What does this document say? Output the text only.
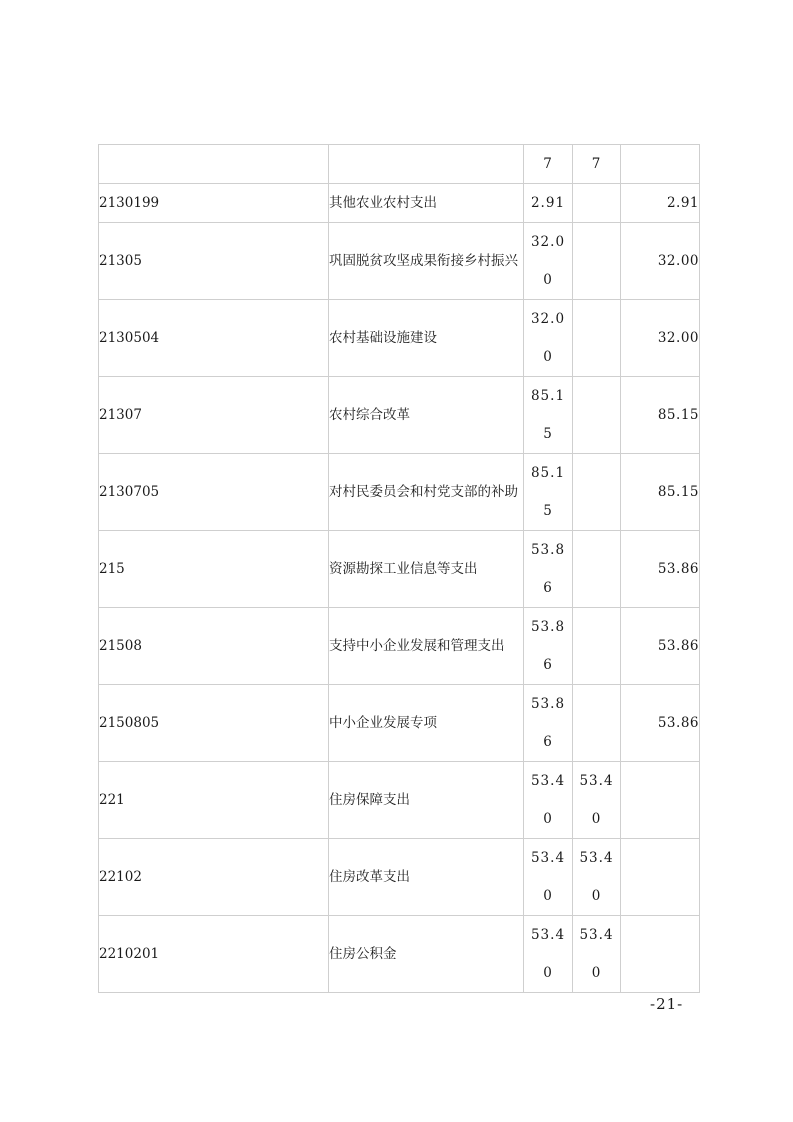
		7	7	

2130199	其他农业农村支出	2.91		2.91
21305	巩固脱贫攻坚成果衔接乡村振兴	32.00		32.00
2130504	农村基础设施建设	32.00		32.00
21307	农村综合改革	85.15		85.15
2130705	对村民委员会和村党支部的补助	85.15		85.15
215	资源勘探工业信息等支出	53.86		53.86
21508	支持中小企业发展和管理支出	53.86		53.86
2150805	中小企业发展专项	53.86		53.86
221	住房保障支出	53.40	53.40	

22102	住房改革支出	53.40	53.40	

2210201	住房公积金	53.40	53.40	

-21-
